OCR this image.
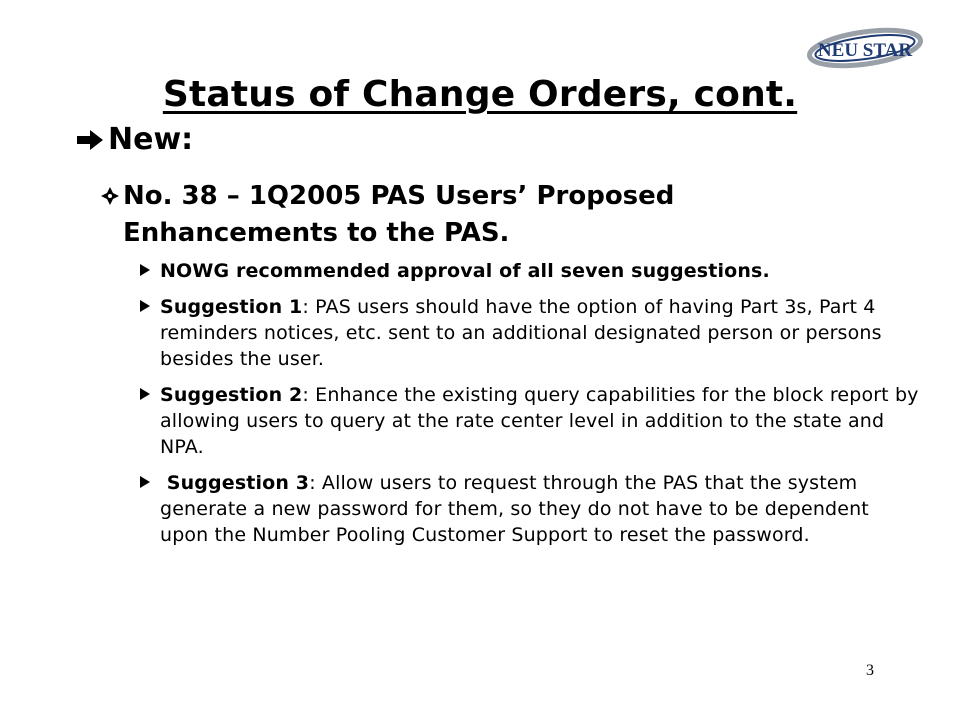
NEU STAR
Status of Change Orders, cont.
New:
No. 38 – 1Q2005 PAS Users’ Proposed Enhancements to the PAS.
NOWG recommended approval of all seven suggestions.
Suggestion 1: PAS users should have the option of having Part 3s, Part 4 reminders notices, etc. sent to an additional designated person or persons besides the user.
Suggestion 2: Enhance the existing query capabilities for the block report by allowing users to query at the rate center level in addition to the state and NPA.
Suggestion 3: Allow users to request through the PAS that the system generate a new password for them, so they do not have to be dependent upon the Number Pooling Customer Support to reset the password.
3
